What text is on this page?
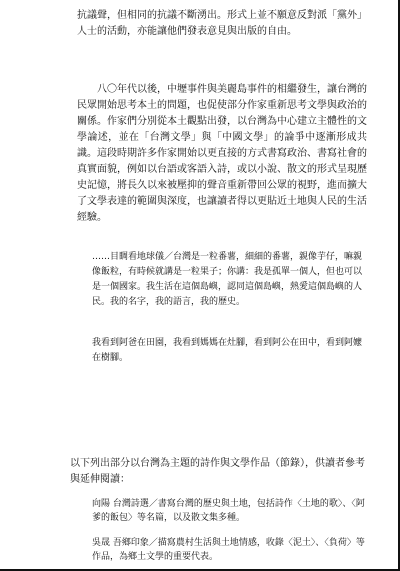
抗議聲，但相同的抗議不斷湧出。形式上並不願意反對派「黨外」人士的活動，亦能讓他們發表意見與出版的自由。
八〇年代以後，中壢事件與美麗島事件的相繼發生，讓台灣的民眾開始思考本土的問題，也促使部分作家重新思考文學與政治的關係。作家們分別從本土觀點出發，以台灣為中心建立主體性的文學論述，並在「台灣文學」與「中國文學」的論爭中逐漸形成共識。這段時期許多作家開始以更直接的方式書寫政治、書寫社會的真實面貌，例如以台語或客語入詩，或以小說、散文的形式呈現歷史記憶，將長久以來被壓抑的聲音重新帶回公眾的視野，進而擴大了文學表達的範圍與深度，也讓讀者得以更貼近土地與人民的生活經驗。
……目睭看地球儀／台灣是一粒番薯，細細的番薯，親像芋仔，嘛親像飯粒，有時候就講是一粒果子；你講：我是孤單一個人，但也可以是一個國家。我生活在這個島嶼，認同這個島嶼，熱愛這個島嶼的人民。我的名字，我的語言，我的歷史。
我看到阿爸在田園，我看到媽媽在灶腳，看到阿公在田中，看到阿嬤在樹腳。
以下列出部分以台灣為主題的詩作與文學作品（節錄），供讀者參考與延伸閱讀：
向陽 台灣詩選／書寫台灣的歷史與土地，包括詩作〈土地的歌〉、〈阿爹的飯包〉等名篇，以及散文集多種。
吳晟 吾鄉印象／描寫農村生活與土地情感，收錄〈泥土〉、〈負荷〉等作品，為鄉土文學的重要代表。
